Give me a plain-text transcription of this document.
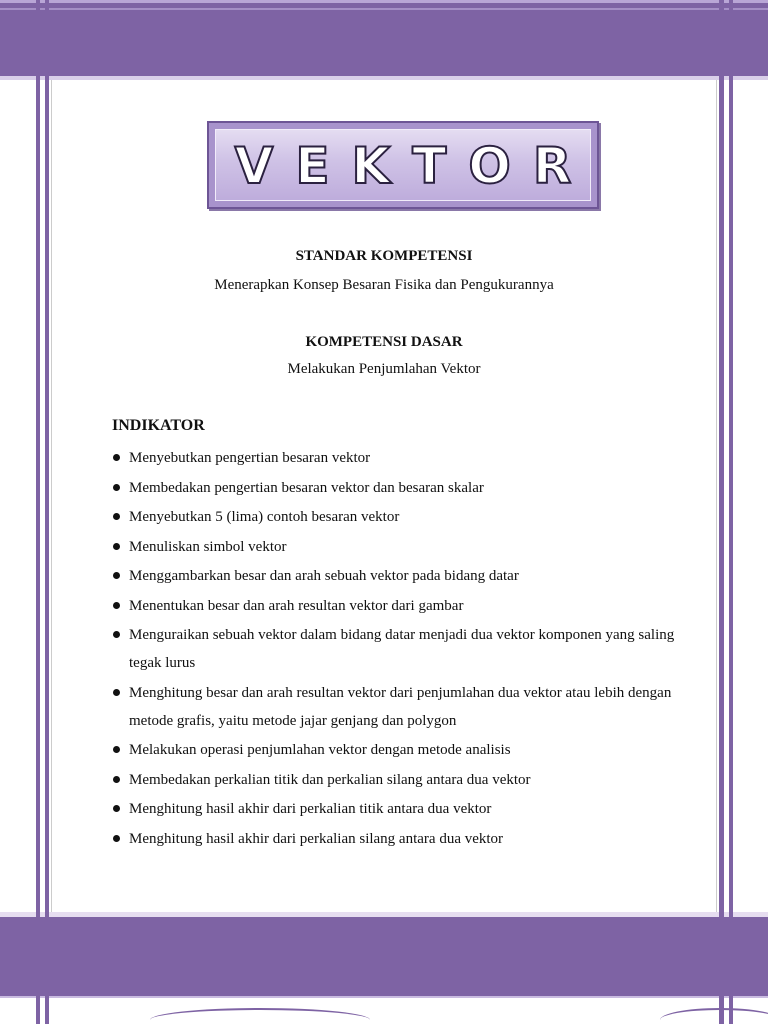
VEKTOR
STANDAR KOMPETENSI
Menerapkan Konsep Besaran Fisika dan Pengukurannya
KOMPETENSI DASAR
Melakukan Penjumlahan Vektor
INDIKATOR
Menyebutkan pengertian besaran vektor
Membedakan pengertian besaran vektor dan besaran skalar
Menyebutkan 5 (lima) contoh besaran vektor
Menuliskan simbol vektor
Menggambarkan besar dan arah sebuah vektor pada bidang datar
Menentukan besar dan arah resultan vektor dari gambar
Menguraikan sebuah vektor dalam bidang datar menjadi dua vektor komponen yang saling tegak lurus
Menghitung besar dan arah resultan vektor dari penjumlahan dua vektor atau lebih dengan metode grafis, yaitu metode jajar genjang dan polygon
Melakukan operasi penjumlahan vektor dengan metode analisis
Membedakan perkalian titik dan perkalian silang antara dua vektor
Menghitung hasil akhir dari perkalian titik antara dua vektor
Menghitung hasil akhir dari perkalian silang antara dua vektor
